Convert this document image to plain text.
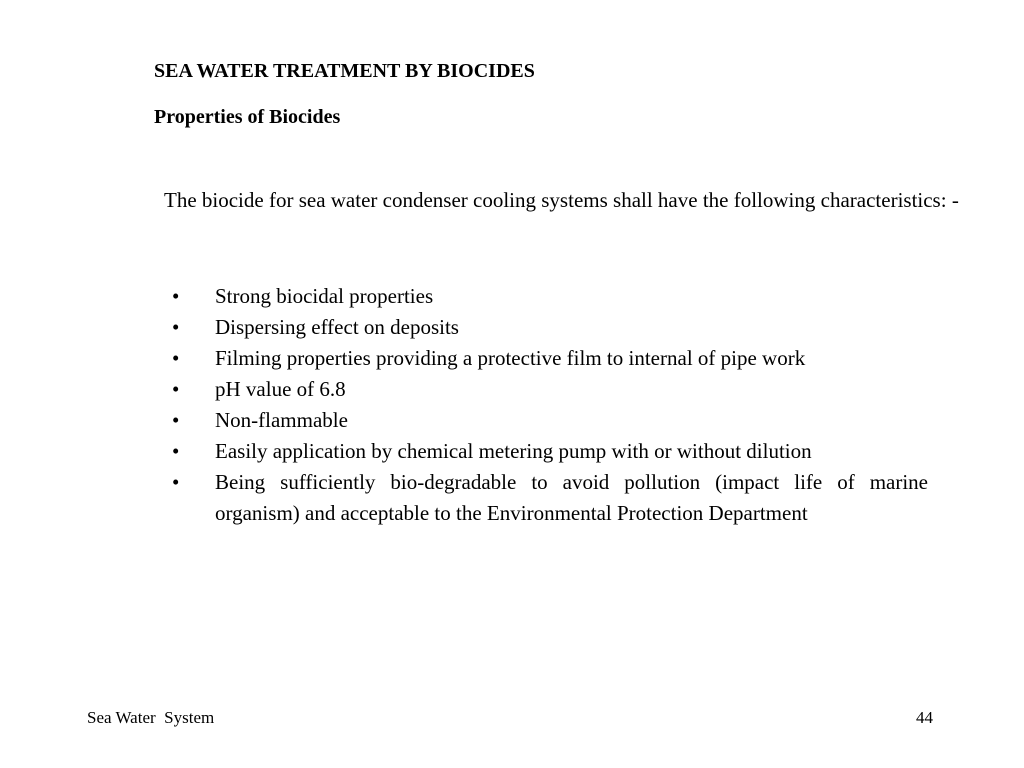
SEA WATER TREATMENT BY BIOCIDES
Properties of Biocides
The biocide for sea water condenser cooling systems shall have the following characteristics: -
• Strong biocidal properties
• Dispersing effect on deposits
• Filming properties providing a protective film to internal of pipe work
• pH value of 6.8
• Non-flammable
• Easily application by chemical metering pump with or without dilution
• Being sufficiently bio-degradable to avoid pollution (impact life of marine organism) and acceptable to the Environmental Protection Department
Sea Water  System	44
